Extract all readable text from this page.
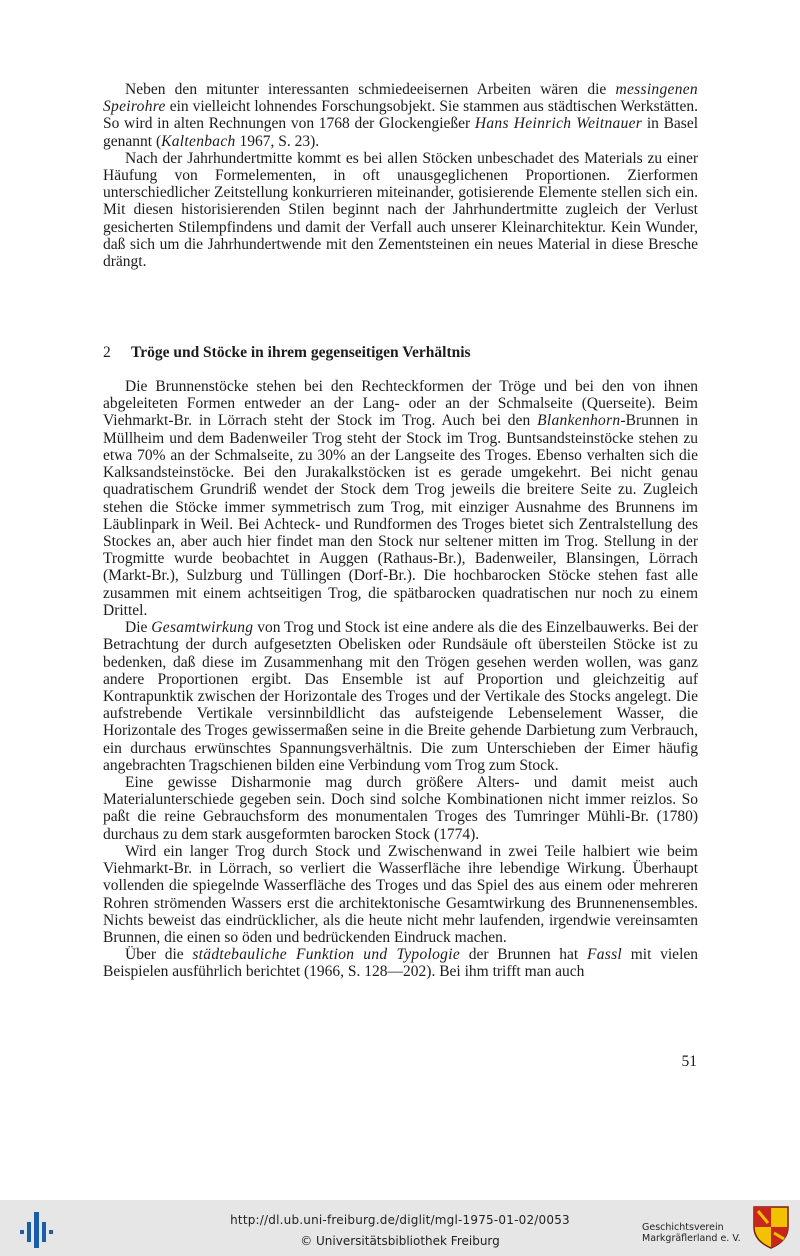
Neben den mitunter interessanten schmiedeeisernen Arbeiten wären die messingenen Speirohre ein vielleicht lohnendes Forschungsobjekt. Sie stammen aus städtischen Werkstätten. So wird in alten Rechnungen von 1768 der Glockengießer Hans Heinrich Weitnauer in Basel genannt (Kaltenbach 1967, S. 23).

Nach der Jahrhundertmitte kommt es bei allen Stöcken unbeschadet des Materials zu einer Häufung von Formelementen, in oft unausgeglichenen Proportionen. Zierformen unterschiedlicher Zeitstellung konkurrieren miteinander, gotisierende Elemente stellen sich ein. Mit diesen historisierenden Stilen beginnt nach der Jahrhundertmitte zugleich der Verlust gesicherten Stilempfindens und damit der Verfall auch unserer Kleinarchitektur. Kein Wunder, daß sich um die Jahrhundertwende mit den Zementsteinen ein neues Material in diese Bresche drängt.

2 Tröge und Stöcke in ihrem gegenseitigen Verhältnis

Die Brunnenstöcke stehen bei den Rechteckformen der Tröge und bei den von ihnen abgeleiteten Formen entweder an der Lang- oder an der Schmalseite (Querseite). Beim Viehmarkt-Br. in Lörrach steht der Stock im Trog. Auch bei den Blankenhorn-Brunnen in Müllheim und dem Badenweiler Trog steht der Stock im Trog. Buntsandsteinstöcke stehen zu etwa 70% an der Schmalseite, zu 30% an der Langseite des Troges. Ebenso verhalten sich die Kalksandsteinstöcke. Bei den Jurakalkstöcken ist es gerade umgekehrt. Bei nicht genau quadratischem Grundriß wendet der Stock dem Trog jeweils die breitere Seite zu. Zugleich stehen die Stöcke immer symmetrisch zum Trog, mit einziger Ausnahme des Brunnens im Läublinpark in Weil. Bei Achteck- und Rundformen des Troges bietet sich Zentralstellung des Stockes an, aber auch hier findet man den Stock nur seltener mitten im Trog. Stellung in der Trogmitte wurde beobachtet in Auggen (Rathaus-Br.), Badenweiler, Blansingen, Lörrach (Markt-Br.), Sulzburg und Tüllingen (Dorf-Br.). Die hochbarocken Stöcke stehen fast alle zusammen mit einem achtseitigen Trog, die spätbarocken quadratischen nur noch zu einem Drittel.

Die Gesamtwirkung von Trog und Stock ist eine andere als die des Einzelbauwerks. Bei der Betrachtung der durch aufgesetzten Obelisken oder Rundsäule oft übersteilen Stöcke ist zu bedenken, daß diese im Zusammenhang mit den Trögen gesehen werden wollen, was ganz andere Proportionen ergibt. Das Ensemble ist auf Proportion und gleichzeitig auf Kontrapunktik zwischen der Horizontale des Troges und der Vertikale des Stocks angelegt. Die aufstrebende Vertikale versinnbildlicht das aufsteigende Lebenselement Wasser, die Horizontale des Troges gewissermaßen seine in die Breite gehende Darbietung zum Verbrauch, ein durchaus erwünschtes Spannungsverhältnis. Die zum Unterschieben der Eimer häufig angebrachten Tragschienen bilden eine Verbindung vom Trog zum Stock.

Eine gewisse Disharmonie mag durch größere Alters- und damit meist auch Materialunterschiede gegeben sein. Doch sind solche Kombinationen nicht immer reizlos. So paßt die reine Gebrauchsform des monumentalen Troges des Tumringer Mühli-Br. (1780) durchaus zu dem stark ausgeformten barocken Stock (1774).

Wird ein langer Trog durch Stock und Zwischenwand in zwei Teile halbiert wie beim Viehmarkt-Br. in Lörrach, so verliert die Wasserfläche ihre lebendige Wirkung. Überhaupt vollenden die spiegelnde Wasserfläche des Troges und das Spiel des aus einem oder mehreren Rohren strömenden Wassers erst die architektonische Gesamtwirkung des Brunnenensembles. Nichts beweist das eindrücklicher, als die heute nicht mehr laufenden, irgendwie vereinsamten Brunnen, die einen so öden und bedrückenden Eindruck machen.

Über die städtebauliche Funktion und Typologie der Brunnen hat Fassl mit vielen Beispielen ausführlich berichtet (1966, S. 128—202). Bei ihm trifft man auch

51
http://dl.ub.uni-freiburg.de/diglit/mgl-1975-01-02/0053
© Universitätsbibliothek Freiburg
Geschichtsverein
Markgräflerland e. V.
